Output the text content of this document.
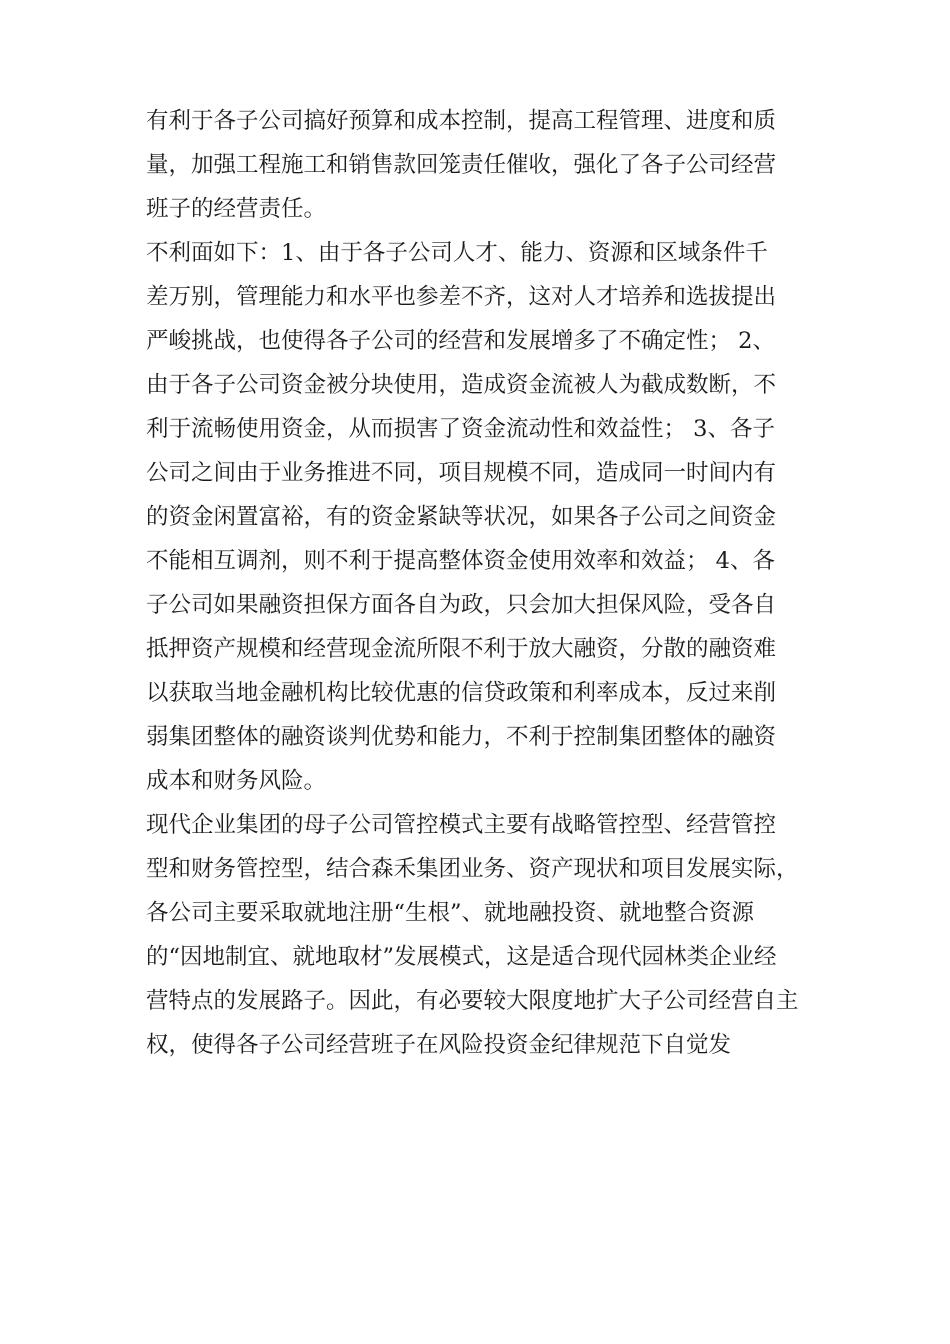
有利于各子公司搞好预算和成本控制，提高工程管理、进度和质
量，加强工程施工和销售款回笼责任催收，强化了各子公司经营
班子的经营责任。
不利面如下：1、由于各子公司人才、能力、资源和区域条件千
差万别，管理能力和水平也参差不齐，这对人才培养和选拔提出
严峻挑战，也使得各子公司的经营和发展增多了不确定性； 2、
由于各子公司资金被分块使用，造成资金流被人为截成数断，不
利于流畅使用资金，从而损害了资金流动性和效益性； 3、各子
公司之间由于业务推进不同，项目规模不同，造成同一时间内有
的资金闲置富裕，有的资金紧缺等状况，如果各子公司之间资金
不能相互调剂，则不利于提高整体资金使用效率和效益； 4、各
子公司如果融资担保方面各自为政，只会加大担保风险，受各自
抵押资产规模和经营现金流所限不利于放大融资，分散的融资难
以获取当地金融机构比较优惠的信贷政策和利率成本，反过来削
弱集团整体的融资谈判优势和能力，不利于控制集团整体的融资
成本和财务风险。
现代企业集团的母子公司管控模式主要有战略管控型、经营管控
型和财务管控型，结合森禾集团业务、资产现状和项目发展实际，
各公司主要采取就地注册“生根”、就地融投资、就地整合资源
的“因地制宜、就地取材”发展模式，这是适合现代园林类企业经
营特点的发展路子。因此，有必要较大限度地扩大子公司经营自主
权，使得各子公司经营班子在风险投资金纪律规范下自觉发
